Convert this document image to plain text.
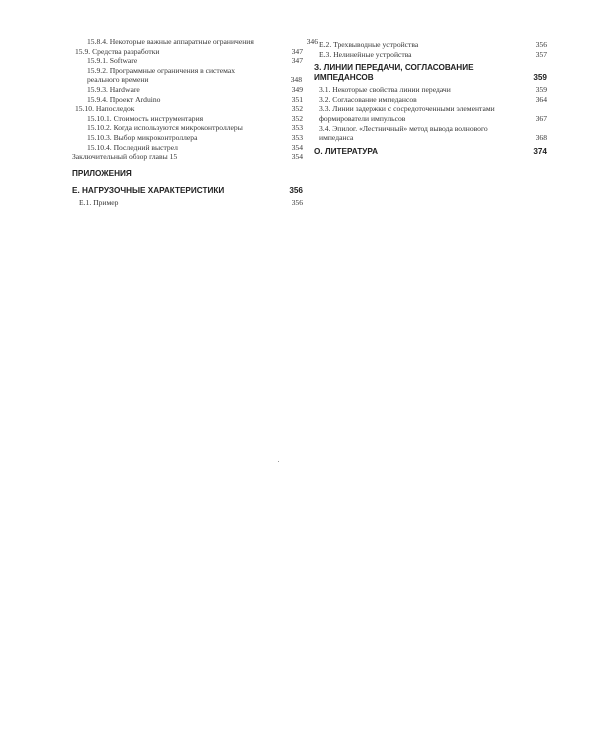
15.8.4. Некоторые важные аппаратные ограничения	346
15.9. Средства разработки	347
15.9.1. Software	347
15.9.2. Программные ограничения в системах реального времени	348
15.9.3. Hardware	349
15.9.4. Проект Arduino	351
15.10. Напоследок	352
15.10.1. Стоимость инструментария	352
15.10.2. Когда используются микроконтроллеры	353
15.10.3. Выбор микроконтроллера	353
15.10.4. Последний выстрел	354
Заключительный обзор главы 15	354
ПРИЛОЖЕНИЯ
E. НАГРУЗОЧНЫЕ ХАРАКТЕРИСТИКИ	356
E.1. Пример	356
E.2. Трехвыводные устройства	356
E.3. Нелинейные устройства	357
З. ЛИНИИ ПЕРЕДАЧИ, СОГЛАСОВАНИЕ ИМПЕДАНСОВ	359
3.1. Некоторые свойства линии передачи	359
3.2. Согласование импедансов	364
3.3. Линии задержки с сосредоточенными элементами формирователи импульсов	367
3.4. Эпилог. «Лестничный» метод вывода волнового импеданса	368
О. ЛИТЕРАТУРА	374
